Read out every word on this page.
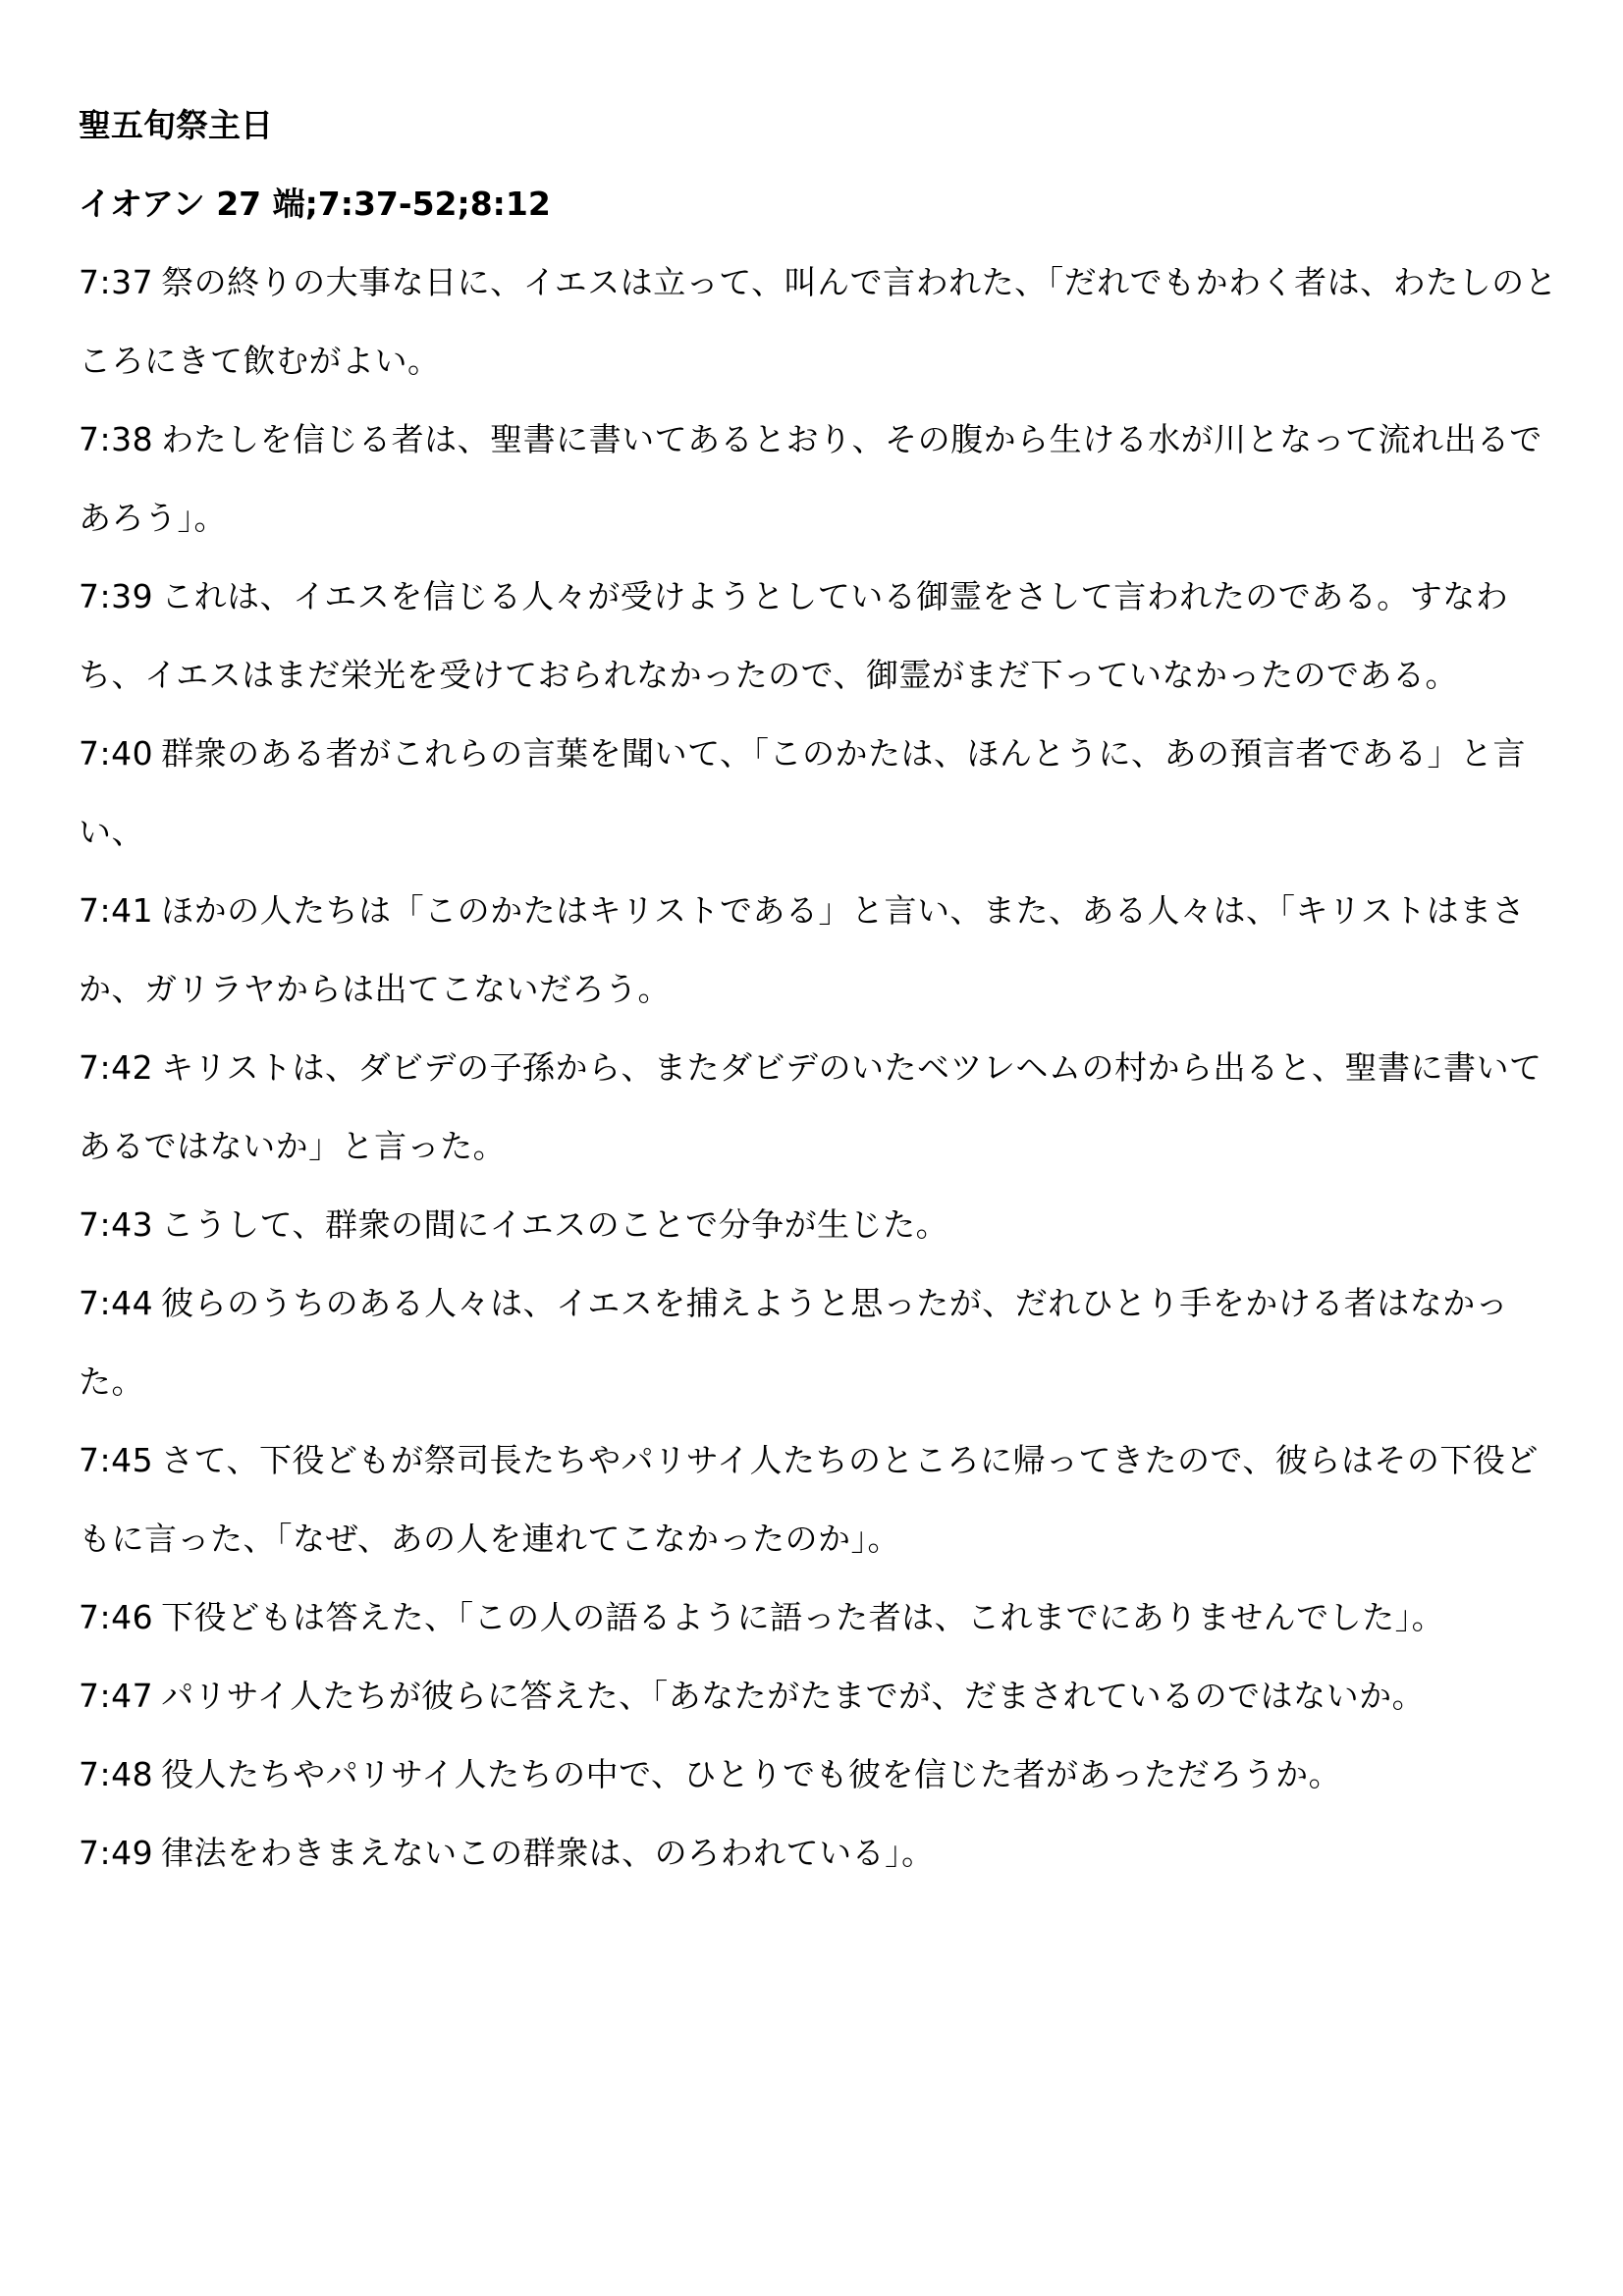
聖五旬祭主日

イオアン 27 端;7:37-52;8:12

7:37 祭の終りの大事な日に、イエスは立って、叫んで言われた、「だれでもかわく者は、わたしのところにきて飲むがよい。
7:38 わたしを信じる者は、聖書に書いてあるとおり、その腹から生ける水が川となって流れ出るであろう」。
7:39 これは、イエスを信じる人々が受けようとしている御霊をさして言われたのである。すなわち、イエスはまだ栄光を受けておられなかったので、御霊がまだ下っていなかったのである。
7:40 群衆のある者がこれらの言葉を聞いて、「このかたは、ほんとうに、あの預言者である」と言い、
7:41 ほかの人たちは「このかたはキリストである」と言い、また、ある人々は、「キリストはまさか、ガリラヤからは出てこないだろう。
7:42 キリストは、ダビデの子孫から、またダビデのいたベツレヘムの村から出ると、聖書に書いてあるではないか」と言った。
7:43 こうして、群衆の間にイエスのことで分争が生じた。
7:44 彼らのうちのある人々は、イエスを捕えようと思ったが、だれひとり手をかける者はなかった。
7:45 さて、下役どもが祭司長たちやパリサイ人たちのところに帰ってきたので、彼らはその下役どもに言った、「なぜ、あの人を連れてこなかったのか」。
7:46 下役どもは答えた、「この人の語るように語った者は、これまでにありませんでした」。
7:47 パリサイ人たちが彼らに答えた、「あなたがたまでが、だまされているのではないか。
7:48 役人たちやパリサイ人たちの中で、ひとりでも彼を信じた者があっただろうか。
7:49 律法をわきまえないこの群衆は、のろわれている」。
